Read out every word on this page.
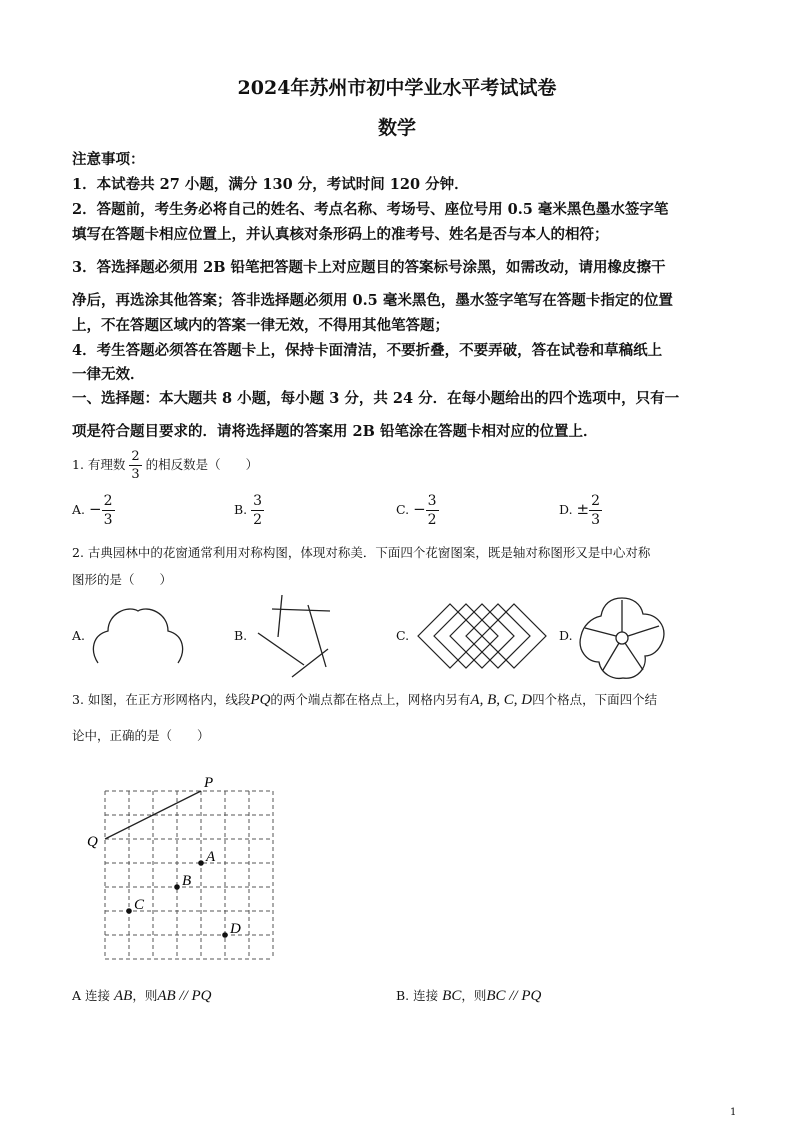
2024年苏州市初中学业水平考试试卷
数学
注意事项：
1．本试卷共 27 小题，满分 130 分，考试时间 120 分钟．
2．答题前，考生务必将自己的姓名、考点名称、考场号、座位号用 0.5 毫米黑色墨水签字笔
填写在答题卡相应位置上，并认真核对条形码上的准考号、姓名是否与本人的相符；
3．答选择题必须用 2B 铅笔把答题卡上对应题目的答案标号涂黑，如需改动，请用橡皮擦干
净后，再选涂其他答案；答非选择题必须用 0.5 毫米黑色，墨水签字笔写在答题卡指定的位置
上，不在答题区域内的答案一律无效，不得用其他笔答题；
4．考生答题必须答在答题卡上，保持卡面清洁，不要折叠，不要弄破，答在试卷和草稿纸上
一律无效．
一、选择题：本大题共 8 小题，每小题 3 分，共 24 分．在每小题给出的四个选项中，只有一
项是符合题目要求的．请将选择题的答案用 2B 铅笔涂在答题卡相对应的位置上．
1. 有理数 $\frac{2}{3}$ 的相反数是（　　）
A. − $\frac{2}{3}$	B. $\frac{3}{2}$	C. − $\frac{3}{2}$	D. ± $\frac{2}{3}$
2. 古典园林中的花窗通常利用对称构图，体现对称美．下面四个花窗图案，既是轴对称图形又是中心对称
图形的是（　　）
A.	B.	C.	D.
3. 如图，在正方形网格内，线段PQ的两个端点都在格点上，网格内另有A, B, C, D四个格点，下面四个结
论中，正确的是（　　）
P
Q
A
B
C
D
A 连接 AB，则AB // PQ	B. 连接 BC，则BC // PQ
1
